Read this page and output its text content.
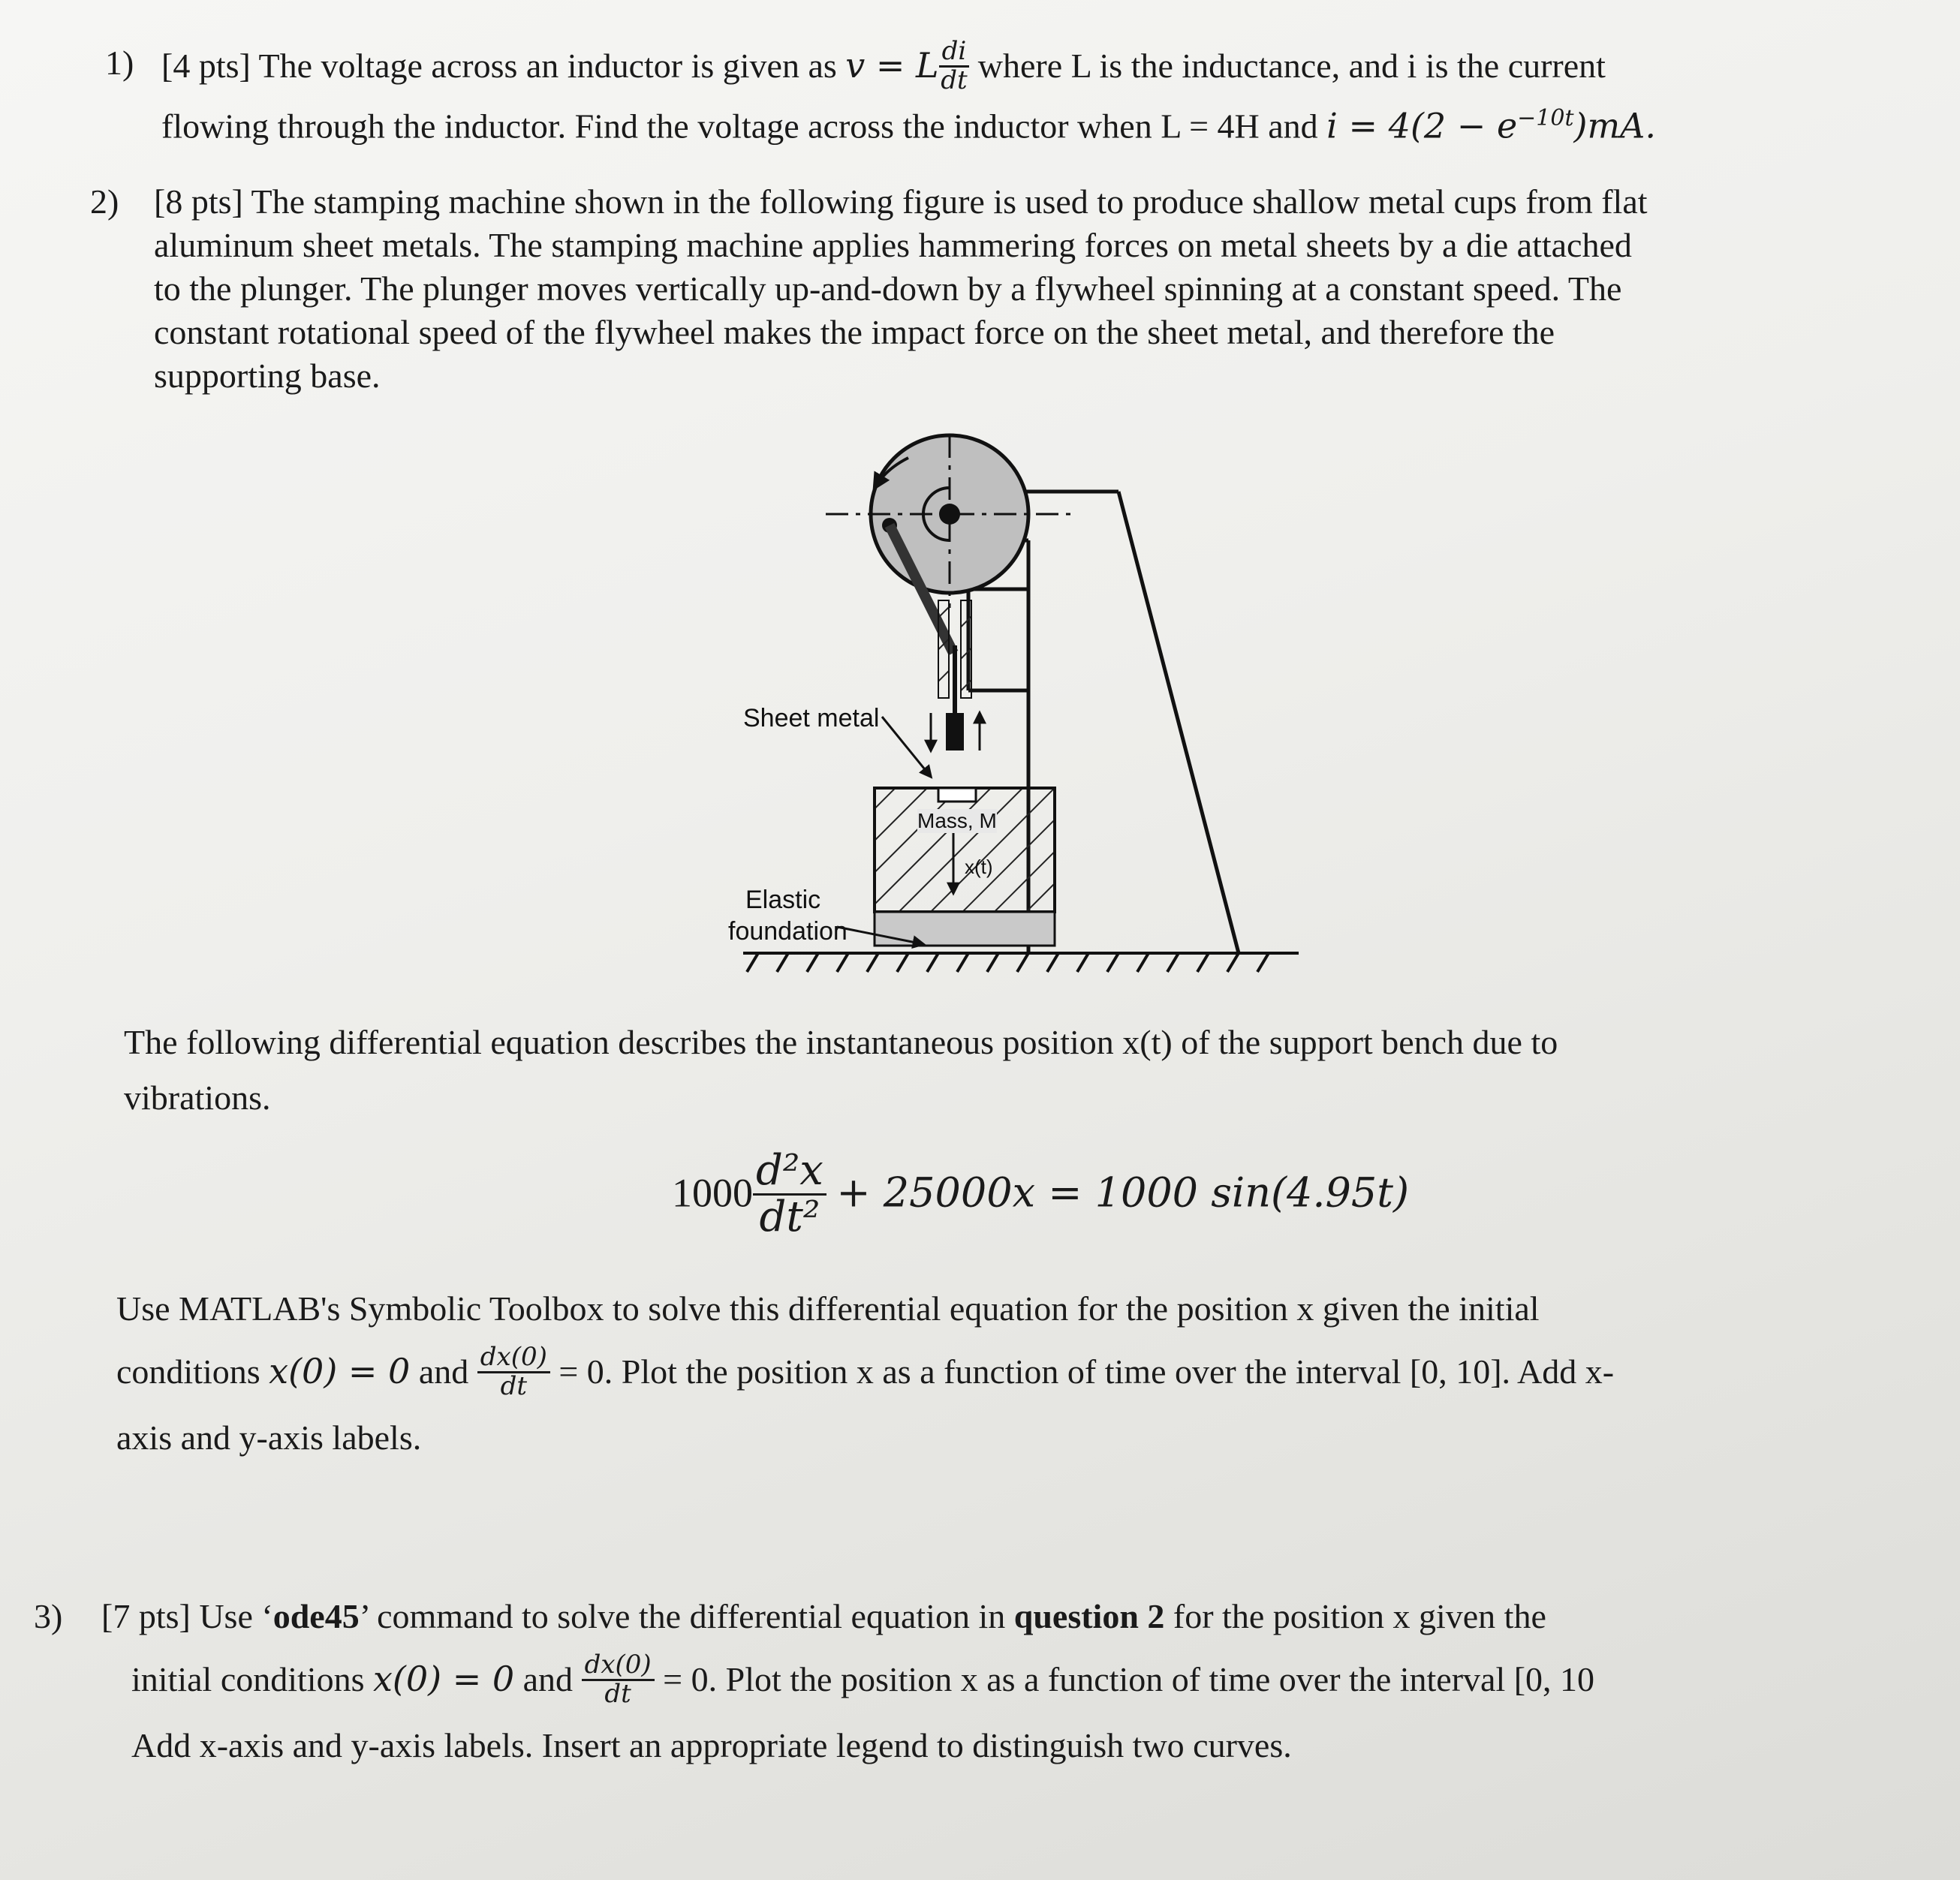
1) [4 pts] The voltage across an inductor is given as v = L $\frac{di}{dt}$ where L is the inductance, and i is the current
flowing through the inductor. Find the voltage across the inductor when L = 4H and $i = 4(2 - e^{-10t})mA$.
2) [8 pts] The stamping machine shown in the following figure is used to produce shallow metal cups from flat
aluminum sheet metals. The stamping machine applies hammering forces on metal sheets by a die attached
to the plunger. The plunger moves vertically up-and-down by a flywheel spinning at a constant speed. The
constant rotational speed of the flywheel makes the impact force on the sheet metal, and therefore the
supporting base.
Sheet metal
Mass, M
x(t)
Elastic
foundation
The following differential equation describes the instantaneous position x(t) of the support bench due to
vibrations.
$1000 \frac{\text{d²x}}{\text{dt²}} + 25000x = 1000$ sin(4.95t)
Use MATLAB's Symbolic Toolbox to solve this differential equation for the position x given the initial
conditions x(0) = 0 and $\frac{dx(0)}{dt} = 0$. Plot the position x as a function of time over the interval [0, 10]. Add x-
axis and y-axis labels.
3) [7 pts] Use ‘ode45’ command to solve the differential equation in question 2 for the position x given the
initial conditions x(0) = 0 and $\frac{dx(0)}{dt} = 0$. Plot the position x as a function of time over the interval [0, 10
Add x-axis and y-axis labels. Insert an appropriate legend to distinguish two curves.
